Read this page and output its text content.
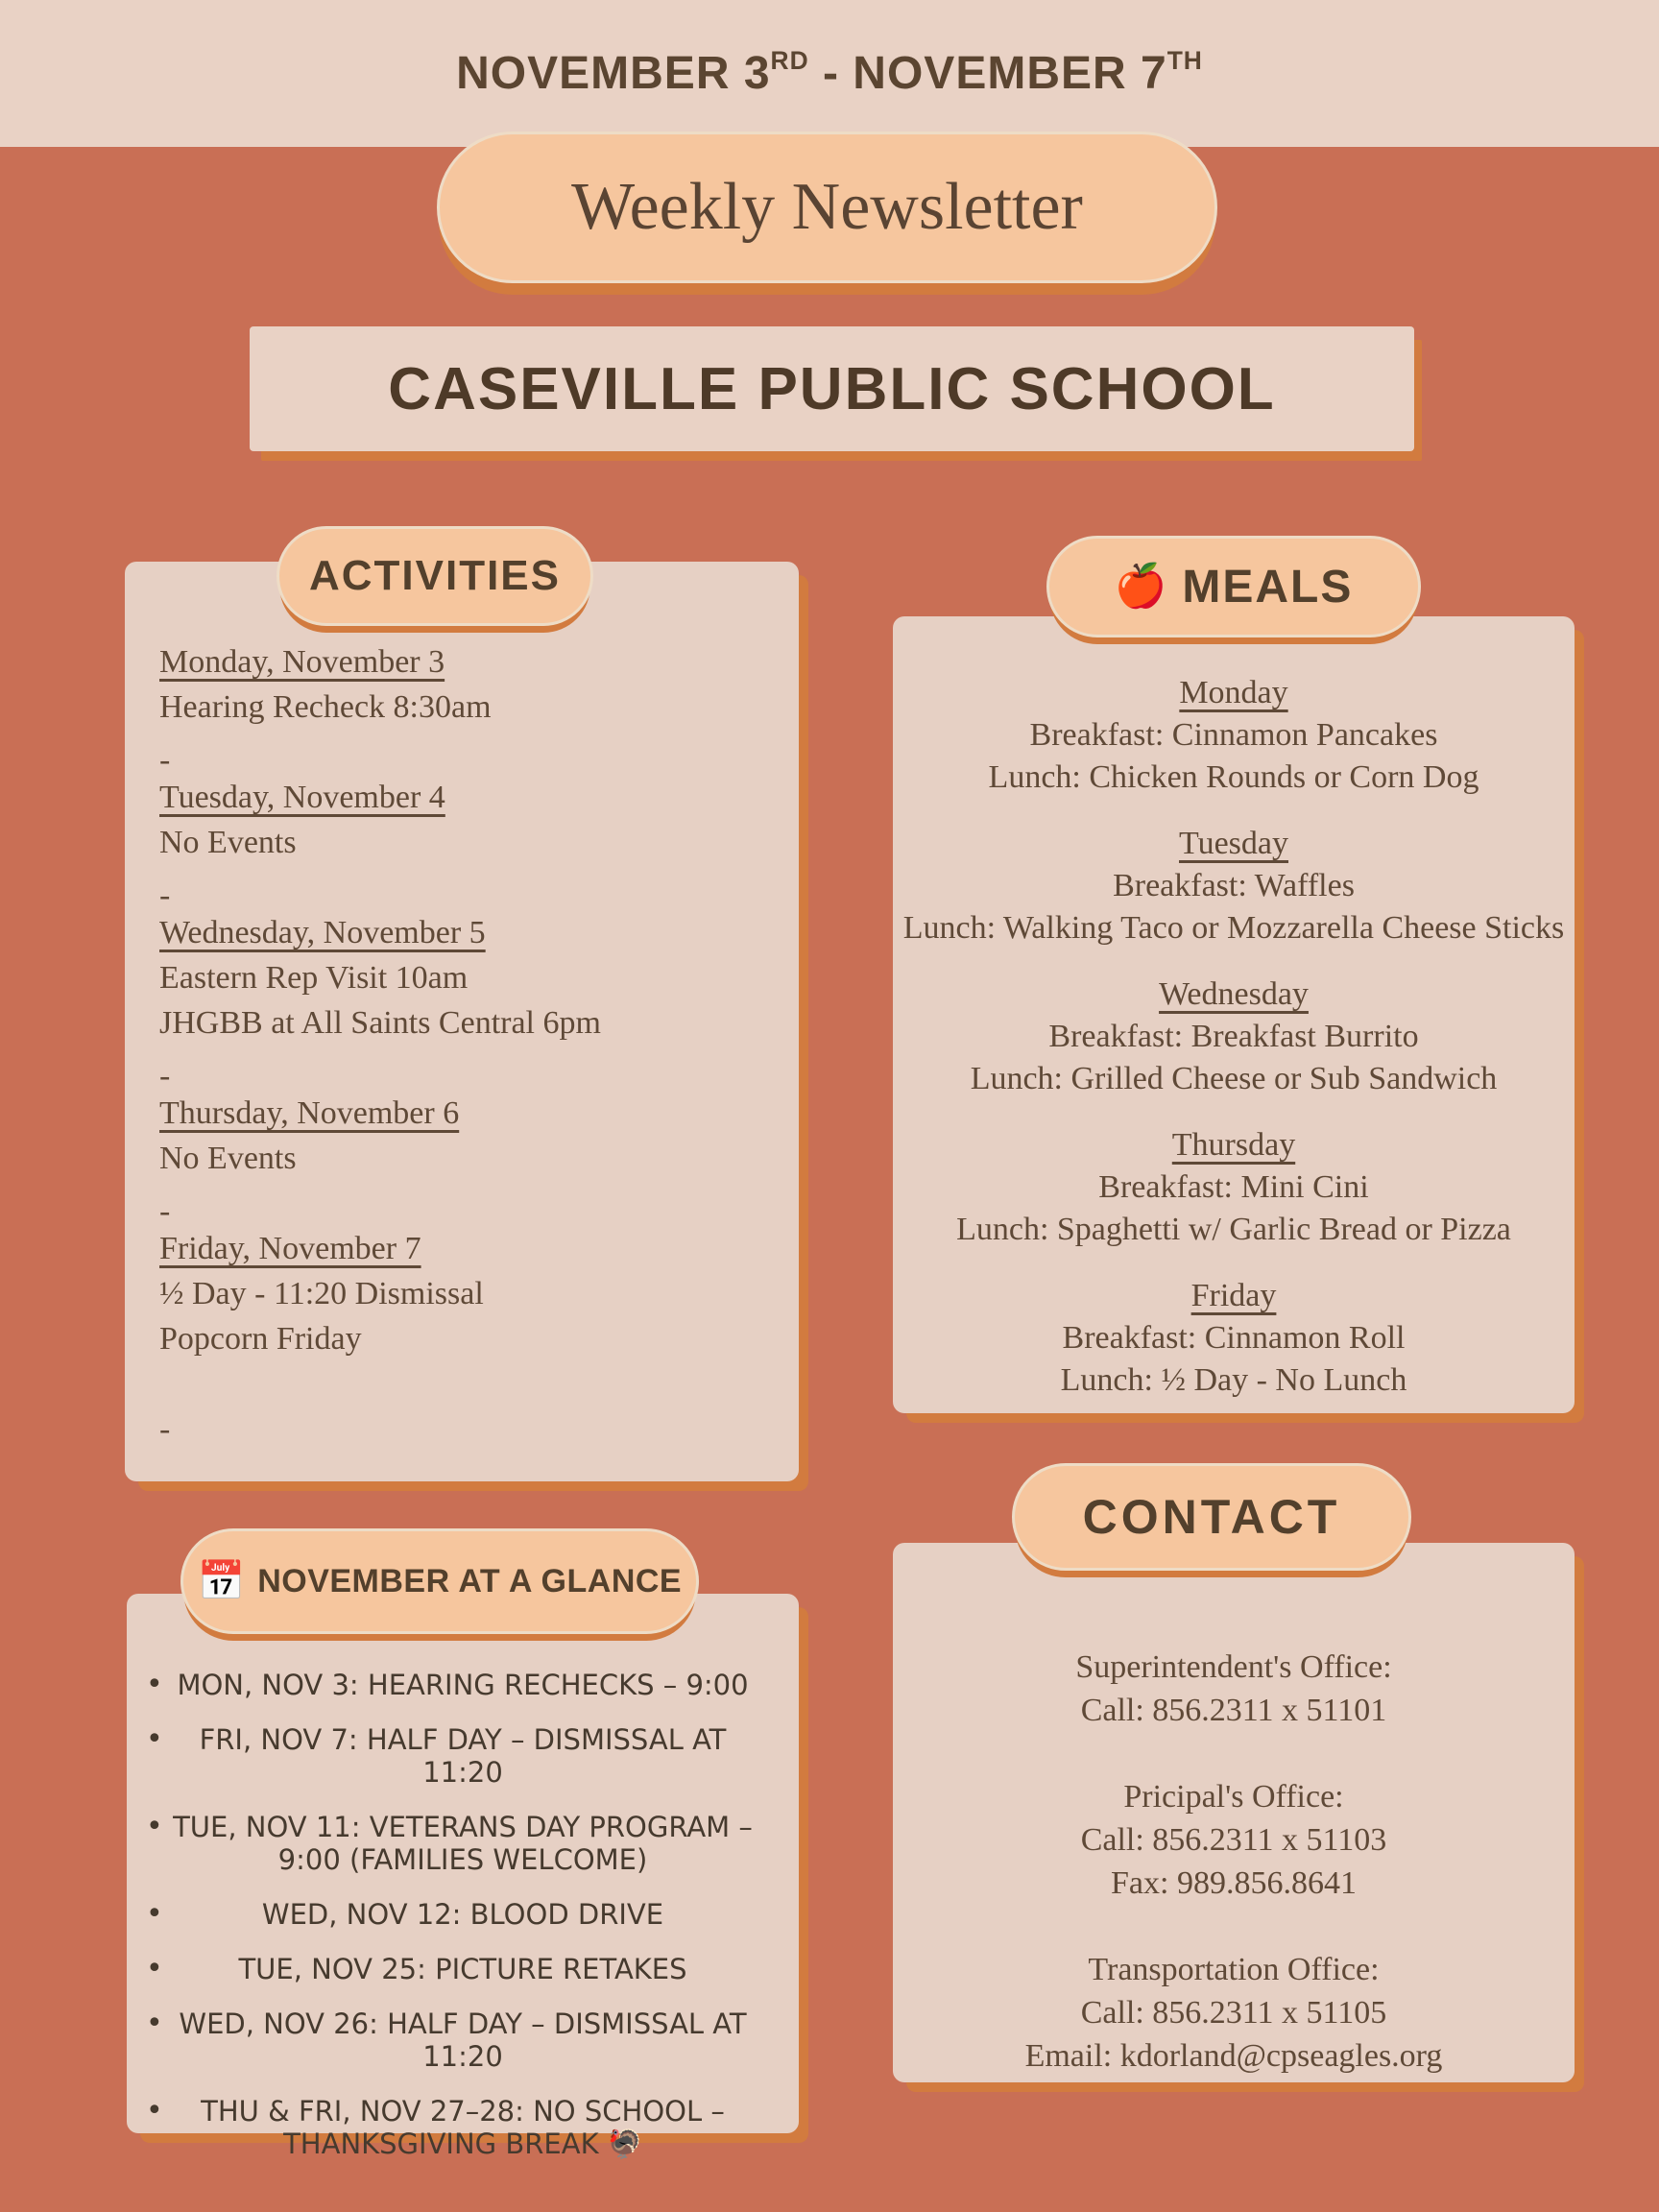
NOVEMBER 3 RD - NOVEMBER 7 TH
Weekly Newsletter
CASEVILLE PUBLIC SCHOOL
ACTIVITIES
Monday, November 3
Hearing Recheck 8:30am
-
Tuesday, November 4
No Events
-
Wednesday, November 5
Eastern Rep Visit 10am
JHGBB at All Saints Central 6pm
-
Thursday, November 6
No Events
-
Friday, November 7
½ Day - 11:20 Dismissal
Popcorn Friday
-
🍎 MEALS
Monday
Breakfast: Cinnamon Pancakes
Lunch: Chicken Rounds or Corn Dog
Tuesday
Breakfast: Waffles
Lunch: Walking Taco or Mozzarella Cheese Sticks
Wednesday
Breakfast: Breakfast Burrito
Lunch: Grilled Cheese or Sub Sandwich
Thursday
Breakfast: Mini Cini
Lunch: Spaghetti w/ Garlic Bread or Pizza
Friday
Breakfast: Cinnamon Roll
Lunch: ½ Day - No Lunch
📅 NOVEMBER AT A GLANCE
• MON, NOV 3: HEARING RECHECKS – 9:00
• FRI, NOV 7: HALF DAY – DISMISSAL AT 11:20
• TUE, NOV 11: VETERANS DAY PROGRAM – 9:00 (FAMILIES WELCOME)
•	WED, NOV 12: BLOOD DRIVE
•	TUE, NOV 25: PICTURE RETAKES
• WED, NOV 26: HALF DAY – DISMISSAL AT 11:20
• THU & FRI, NOV 27–28: NO SCHOOL – THANKSGIVING BREAK 🦃
CONTACT
Superintendent's Office:
Call: 856.2311 x 51101
Pricipal's Office:
Call: 856.2311 x 51103
Fax: 989.856.8641
Transportation Office:
Call: 856.2311 x 51105
Email: kdorland@cpseagles.org
